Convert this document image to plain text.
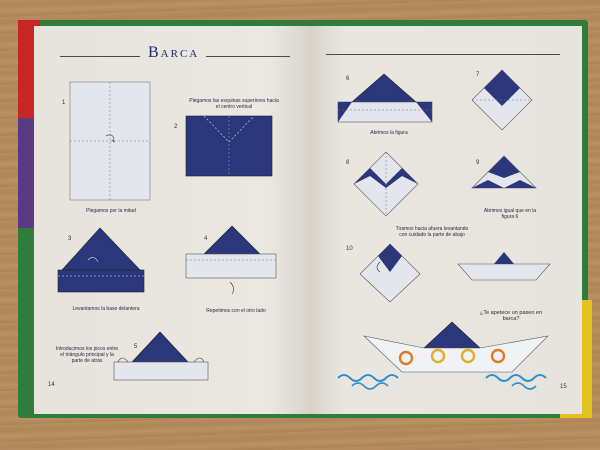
Barca
1
Plegamos por la mitad
Plegamos las esquinas superiores hacia el centro vertical
2
3
Levantamos la base delantera
4
Repetimos con el otro lado
Introducimos los picos entre el triángulo principal y la parte de atrás
5
14
6
Abrimos la figura
7
8	9
Abrimos igual que en la figura 6
Tiramos hacia afuera levantando con cuidado la parte de abajo
10
¿Te apetece un paseo en barca?
15
